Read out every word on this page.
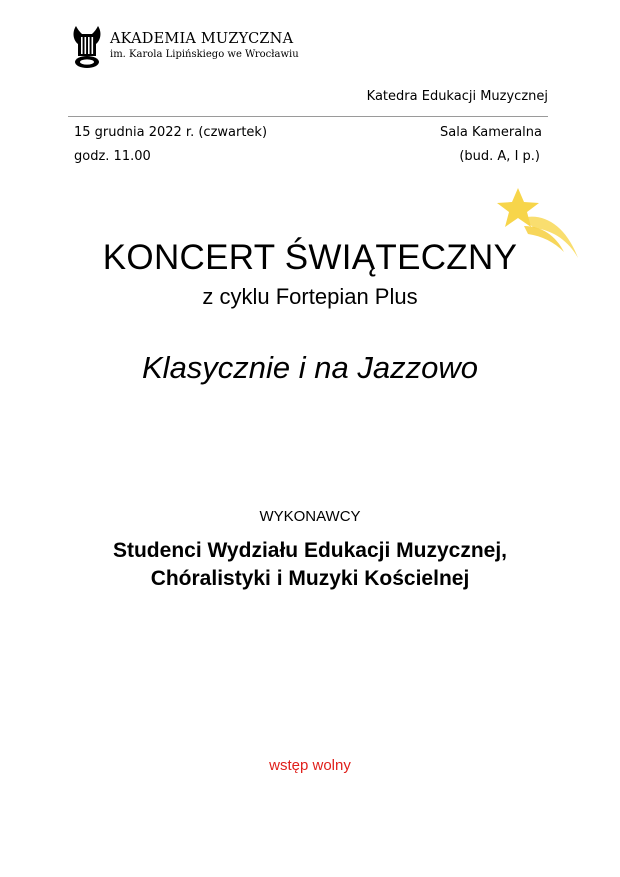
AKADEMIA MUZYCZNA
im. Karola Lipińskiego we Wrocławiu
Katedra Edukacji Muzycznej
15 grudnia 2022 r. (czwartek)
godz. 11.00
Sala Kameralna
(bud. A, I p.)
KONCERT ŚWIĄTECZNY
z cyklu Fortepian Plus
Klasycznie i na Jazzowo
WYKONAWCY
Studenci Wydziału Edukacji Muzycznej,
Chóralistyki i Muzyki Kościelnej
wstęp wolny
